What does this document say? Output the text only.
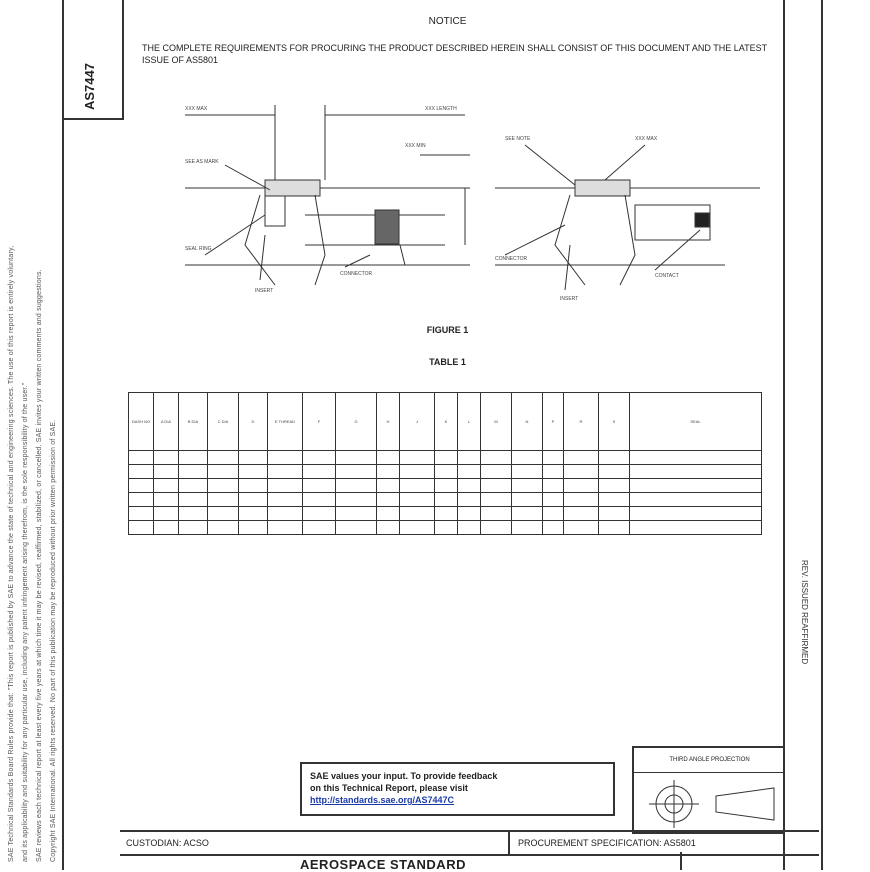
SAE Technical Standards Board Rules provide that: "This report is published by SAE to advance the state of technical and engineering sciences. The use of this report is entirely voluntary, and its applicability and suitability for any particular use, including any patent infringement arising therefrom, is the sole responsibility of the user." SAE reviews each technical report at least every five years at which time it may be revised, reaffirmed, stabilized, or cancelled. SAE invites your written comments and suggestions. Copyright SAE International. All rights reserved. No part of this publication may be reproduced without prior written permission of SAE.
AS7447
REV. ISSUED REAFFIRMED
NOTICE
THE COMPLETE REQUIREMENTS FOR PROCURING THE PRODUCT DESCRIBED HEREIN SHALL CONSIST OF THIS DOCUMENT AND THE LATEST ISSUE OF AS5801
XXX MAX	XXX LENGTH
SEE AS MARK
XXX MIN
SEAL RING
CONNECTOR
INSERT
SEE NOTE	XXX MAX
CONNECTOR
INSERT
CONTACT
FIGURE 1
TABLE 1
DASH NO	A DIA	B DIA	C DIA	D	E THREAD	F	G	H	J	K	L	M	N	P	R	S	SEAL

THIRD ANGLE PROJECTION
SAE values your input. To provide feedback
on this Technical Report, please visit
http://standards.sae.org/AS7447C
CUSTODIAN: ACSO	PROCUREMENT SPECIFICATION: AS5801
AEROSPACE STANDARD
